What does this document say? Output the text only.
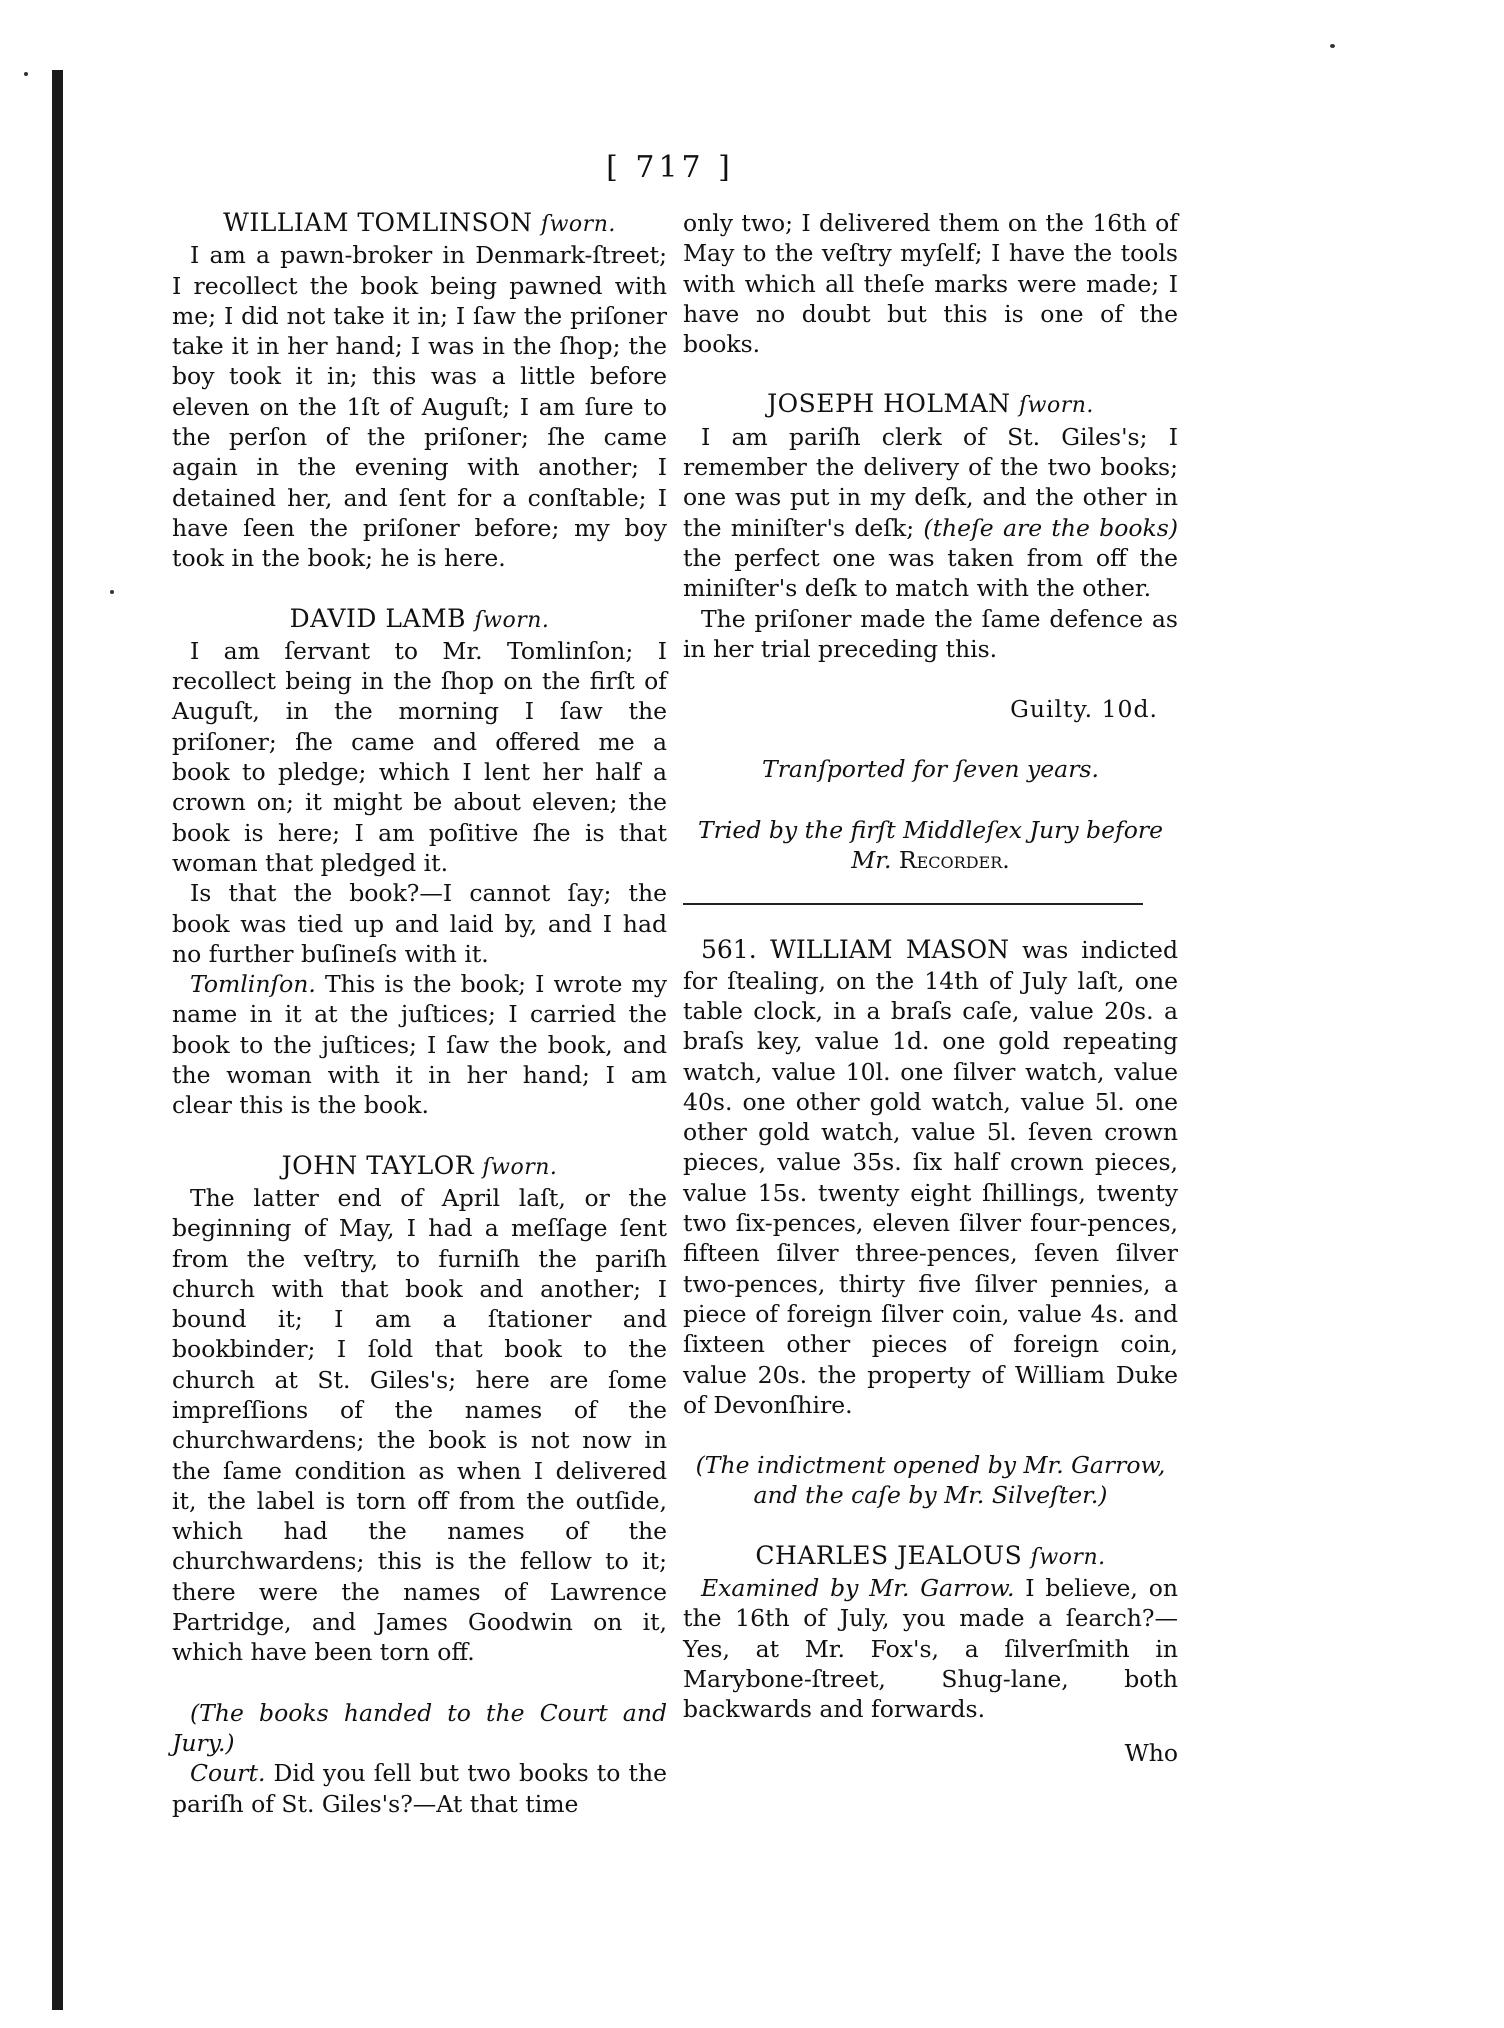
[ 717 ]

WILLIAM TOMLINSON ſworn.

I am a pawn-broker in Denmark-ſtreet; I recollect the book being pawned with me; I did not take it in; I ſaw the priſoner take it in her hand; I was in the ſhop; the boy took it in; this was a little before eleven on the 1ſt of Auguſt; I am ſure to the perſon of the priſoner; ſhe came again in the evening with another; I detained her, and ſent for a conſtable; I have ſeen the priſoner before; my boy took in the book; he is here.

DAVID LAMB ſworn.

I am ſervant to Mr. Tomlinſon; I recollect being in the ſhop on the firſt of Auguſt, in the morning I ſaw the priſoner; ſhe came and offered me a book to pledge; which I lent her half a crown on; it might be about eleven; the book is here; I am poſitive ſhe is that woman that pledged it.

Is that the book?—I cannot ſay; the book was tied up and laid by, and I had no further buſineſs with it.

Tomlinſon. This is the book; I wrote my name in it at the juſtices; I carried the book to the juſtices; I ſaw the book, and the woman with it in her hand; I am clear this is the book.

JOHN TAYLOR ſworn.

The latter end of April laſt, or the beginning of May, I had a meſſage ſent from the veſtry, to furniſh the pariſh church with that book and another; I bound it; I am a ſtationer and bookbinder; I ſold that book to the church at St. Giles's; here are ſome impreſſions of the names of the churchwardens; the book is not now in the ſame condition as when I delivered it, the label is torn off from the outſide, which had the names of the churchwardens; this is the fellow to it; there were the names of Lawrence Partridge, and James Goodwin on it, which have been torn off.

(The books handed to the Court and Jury.)

Court. Did you ſell but two books to the pariſh of St. Giles's?—At that time

only two; I delivered them on the 16th of May to the veſtry myſelf; I have the tools with which all theſe marks were made; I have no doubt but this is one of the books.

JOSEPH HOLMAN ſworn.

I am pariſh clerk of St. Giles's; I remember the delivery of the two books; one was put in my deſk, and the other in the miniſter's deſk; (theſe are the books) the perfect one was taken from off the miniſter's deſk to match with the other.

The priſoner made the ſame defence as in her trial preceding this.

Guilty. 10d.

Tranſported for ſeven years.

Tried by the firſt Middleſex Jury before

Mr. Recorder.

561. WILLIAM MASON was indicted for ſtealing, on the 14th of July laſt, one table clock, in a braſs caſe, value 20s. a braſs key, value 1d. one gold repeating watch, value 10l. one ſilver watch, value 40s. one other gold watch, value 5l. one other gold watch, value 5l. ſeven crown pieces, value 35s. ſix half crown pieces, value 15s. twenty eight ſhillings, twenty two ſix-pences, eleven ſilver four-pences, fifteen ſilver three-pences, ſeven ſilver two-pences, thirty five ſilver pennies, a piece of foreign ſilver coin, value 4s. and ſixteen other pieces of foreign coin, value 20s. the property of William Duke of Devonſhire.

(The indictment opened by Mr. Garrow, and the caſe by Mr. Silveſter.)

CHARLES JEALOUS ſworn.

Examined by Mr. Garrow. I believe, on the 16th of July, you made a ſearch?—Yes, at Mr. Fox's, a ſilverſmith in Marybone-ſtreet, Shug-lane, both backwards and forwards.

Who
